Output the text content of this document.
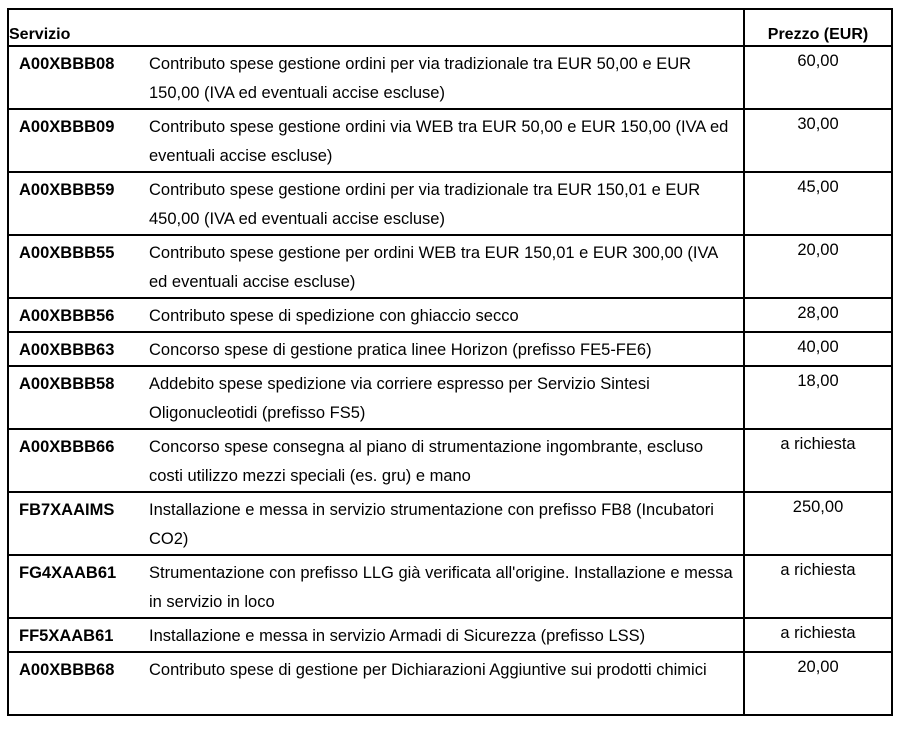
Servizio	Prezzo (EUR)

A00XBBB08 Contributo spese gestione ordini per via tradizionale tra EUR 50,00 e EUR 150,00 (IVA ed eventuali accise escluse)	60,00

A00XBBB09 Contributo spese gestione ordini via WEB tra EUR 50,00 e EUR 150,00 (IVA ed eventuali accise escluse)	30,00

A00XBBB59 Contributo spese gestione ordini per via tradizionale tra EUR 150,01 e EUR 450,00 (IVA ed eventuali accise escluse)	45,00

A00XBBB55 Contributo spese gestione per ordini WEB tra EUR 150,01 e EUR 300,00 (IVA ed eventuali accise escluse)	20,00

A00XBBB56 Contributo spese di spedizione con ghiaccio secco	28,00

A00XBBB63 Concorso spese di gestione pratica linee Horizon (prefisso FE5-FE6)	40,00

A00XBBB58 Addebito spese spedizione via corriere espresso per Servizio Sintesi Oligonucleotidi (prefisso FS5)	18,00

A00XBBB66 Concorso spese consegna al piano di strumentazione ingombrante, escluso costi utilizzo mezzi speciali (es. gru) e mano	a richiesta

FB7XAAIMS Installazione e messa in servizio strumentazione con prefisso FB8 (Incubatori CO2)	250,00

FG4XAAB61 Strumentazione con prefisso LLG già verificata all'origine. Installazione e messa in servizio in loco	a richiesta

FF5XAAB61 Installazione e messa in servizio Armadi di Sicurezza (prefisso LSS)	a richiesta

A00XBBB68 Contributo spese di gestione per Dichiarazioni Aggiuntive sui prodotti chimici	20,00
